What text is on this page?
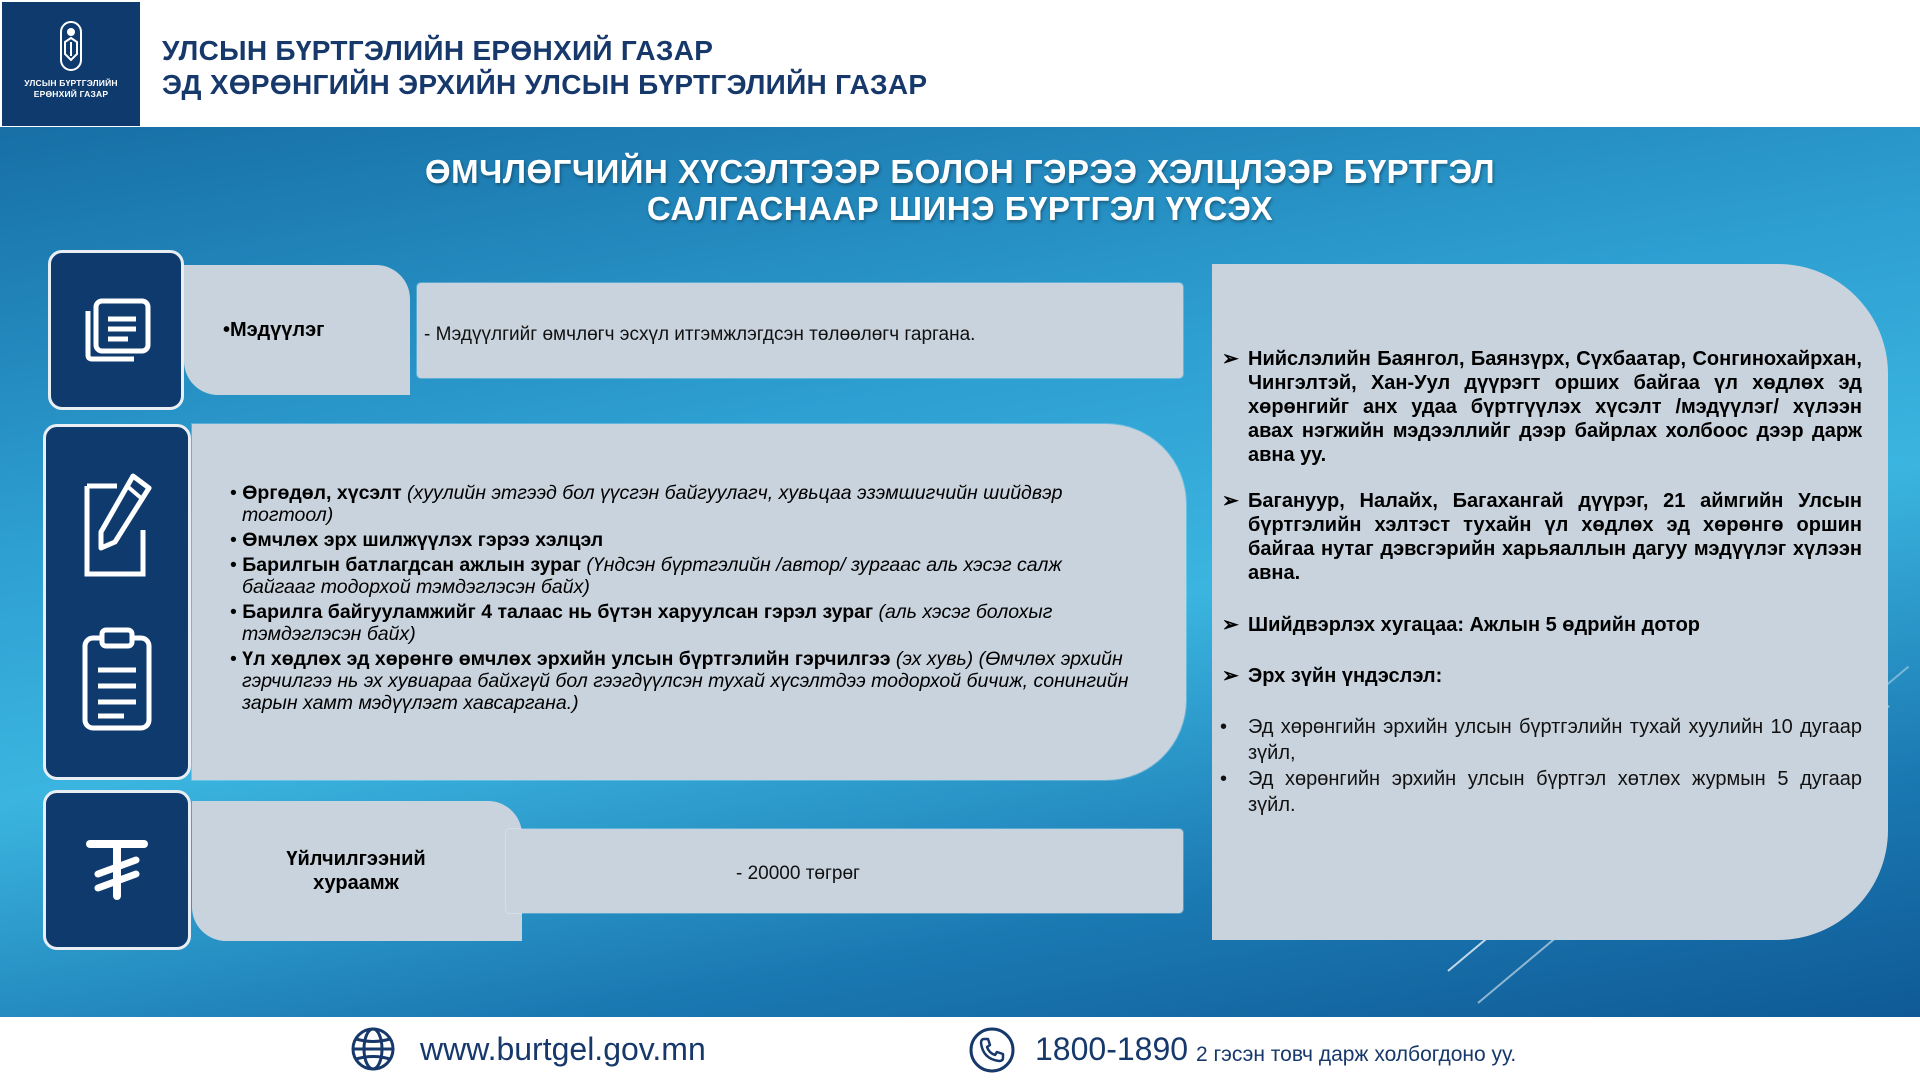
УЛСЫН БҮРТГЭЛИЙН
ЕРӨНХИЙ ГАЗАР
УЛСЫН БҮРТГЭЛИЙН ЕРӨНХИЙ ГАЗАР
ЭД ХӨРӨНГИЙН ЭРХИЙН УЛСЫН БҮРТГЭЛИЙН ГАЗАР
ӨМЧЛӨГЧИЙН ХҮСЭЛТЭЭР БОЛОН ГЭРЭЭ ХЭЛЦЛЭЭР БҮРТГЭЛ
САЛГАСНААР ШИНЭ БҮРТГЭЛ ҮҮСЭХ
•Мэдүүлэг	- Мэдүүлгийг өмчлөгч эсхүл итгэмжлэгдсэн төлөөлөгч гаргана.
• Өргөдөл, хүсэлт (хуулийн этгээд бол үүсгэн байгуулагч, хувьцаа эзэмшигчийн шийдвэр тогтоол)
• Өмчлөх эрх шилжүүлэх гэрээ хэлцэл
• Барилгын батлагдсан ажлын зураг (Үндсэн бүртгэлийн /автор/ зургаас аль хэсэг салж байгааг тодорхой тэмдэглэсэн байх)
• Барилга байгууламжийг 4 талаас нь бүтэн харуулсан гэрэл зураг (аль хэсэг болохыг тэмдэглэсэн байх)
• Үл хөдлөх эд хөрөнгө өмчлөх эрхийн улсын бүртгэлийн гэрчилгээ (эх хувь) (Өмчлөх эрхийн гэрчилгээ нь эх хувиараа байхгүй бол гээгдүүлсэн тухай хүсэлтдээ тодорхой бичиж, сонингийн зарын хамт мэдүүлэгт хавсаргана.)
Үйлчилгээний хураамж	- 20000 төгрөг
➢ Нийслэлийн Баянгол, Баянзүрх, Сүхбаатар, Сонгинохайрхан, Чингэлтэй, Хан-Уул дүүрэгт орших байгаа үл хөдлөх эд хөрөнгийг анх удаа бүртгүүлэх хүсэлт /мэдүүлэг/ хүлээн авах нэгжийн мэдээллийг дээр байрлах холбоос дээр дарж авна уу.
➢ Багануур, Налайх, Багахангай дүүрэг, 21 аймгийн Улсын бүртгэлийн хэлтэст тухайн үл хөдлөх эд хөрөнгө оршин байгаа нутаг дэвсгэрийн харьяаллын дагуу мэдүүлэг хүлээн авна.
➢ Шийдвэрлэх хугацаа: Ажлын 5 өдрийн дотор
➢ Эрх зүйн үндэслэл:
• Эд хөрөнгийн эрхийн улсын бүртгэлийн тухай хуулийн 10 дугаар зүйл,
• Эд хөрөнгийн эрхийн улсын бүртгэл хөтлөх журмын 5 дугаар зүйл.
www.burtgel.gov.mn	1800-1890 2 гэсэн товч дарж холбогдоно уу.
